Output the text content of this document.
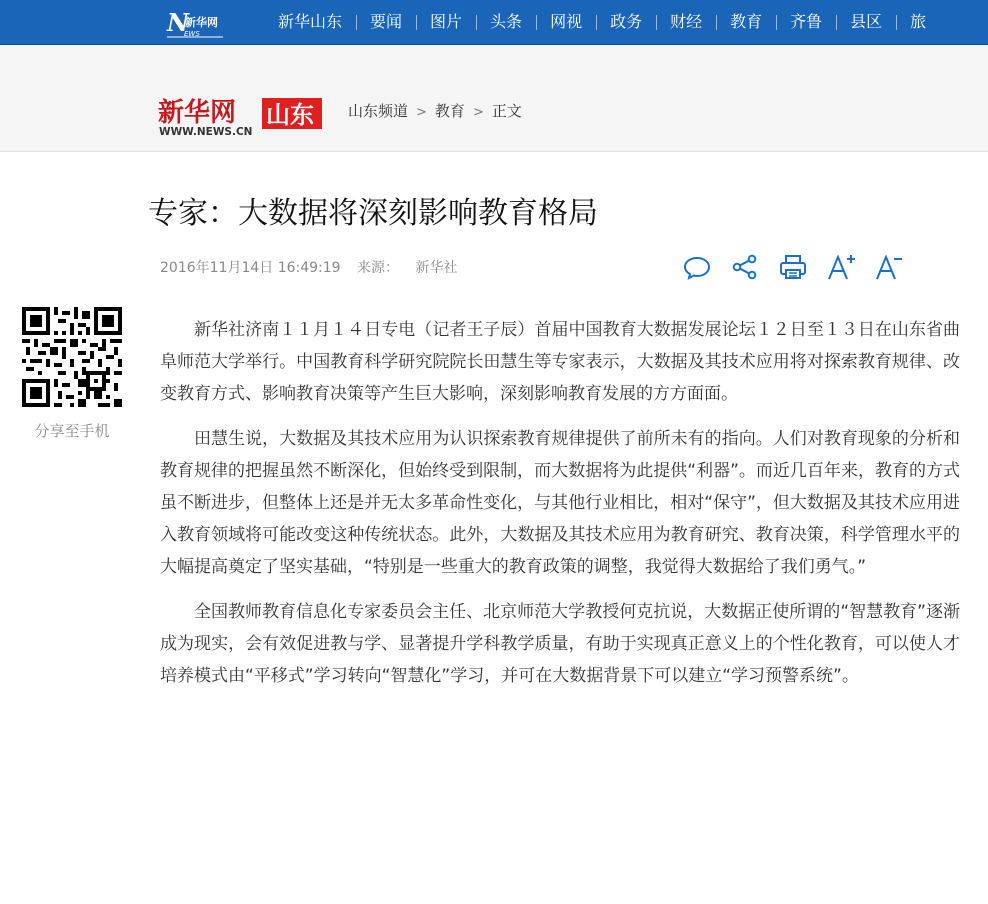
N
新华网
EWS
新华山东	要闻	图片	头条	网视	政务	财经	教育	齐鲁	县区	旅
新华网
WWW.NEWS.CN
山东 山东频道 > 教育 > 正文
专家：大数据将深刻影响教育格局
2016年11月14日 16:49:19 来源： 新华社
分享至手机

新华社济南１１月１４日专电（记者王子辰）首届中国教育大数据发展论坛１２日至１３日在山东省曲阜师范大学举行。中国教育科学研究院院长田慧生等专家表示，大数据及其技术应用将对探索教育规律、改变教育方式、影响教育决策等产生巨大影响，深刻影响教育发展的方方面面。

田慧生说，大数据及其技术应用为认识探索教育规律提供了前所未有的指向。人们对教育现象的分析和教育规律的把握虽然不断深化，但始终受到限制，而大数据将为此提供“利器”。而近几百年来，教育的方式虽不断进步，但整体上还是并无太多革命性变化，与其他行业相比，相对“保守”，但大数据及其技术应用进入教育领域将可能改变这种传统状态。此外，大数据及其技术应用为教育研究、教育决策，科学管理水平的大幅提高奠定了坚实基础，“特别是一些重大的教育政策的调整，我觉得大数据给了我们勇气。”

全国教师教育信息化专家委员会主任、北京师范大学教授何克抗说，大数据正使所谓的“智慧教育”逐渐成为现实，会有效促进教与学、显著提升学科教学质量，有助于实现真正意义上的个性化教育，可以使人才培养模式由“平移式”学习转向“智慧化”学习，并可在大数据背景下可以建立“学习预警系统”。
